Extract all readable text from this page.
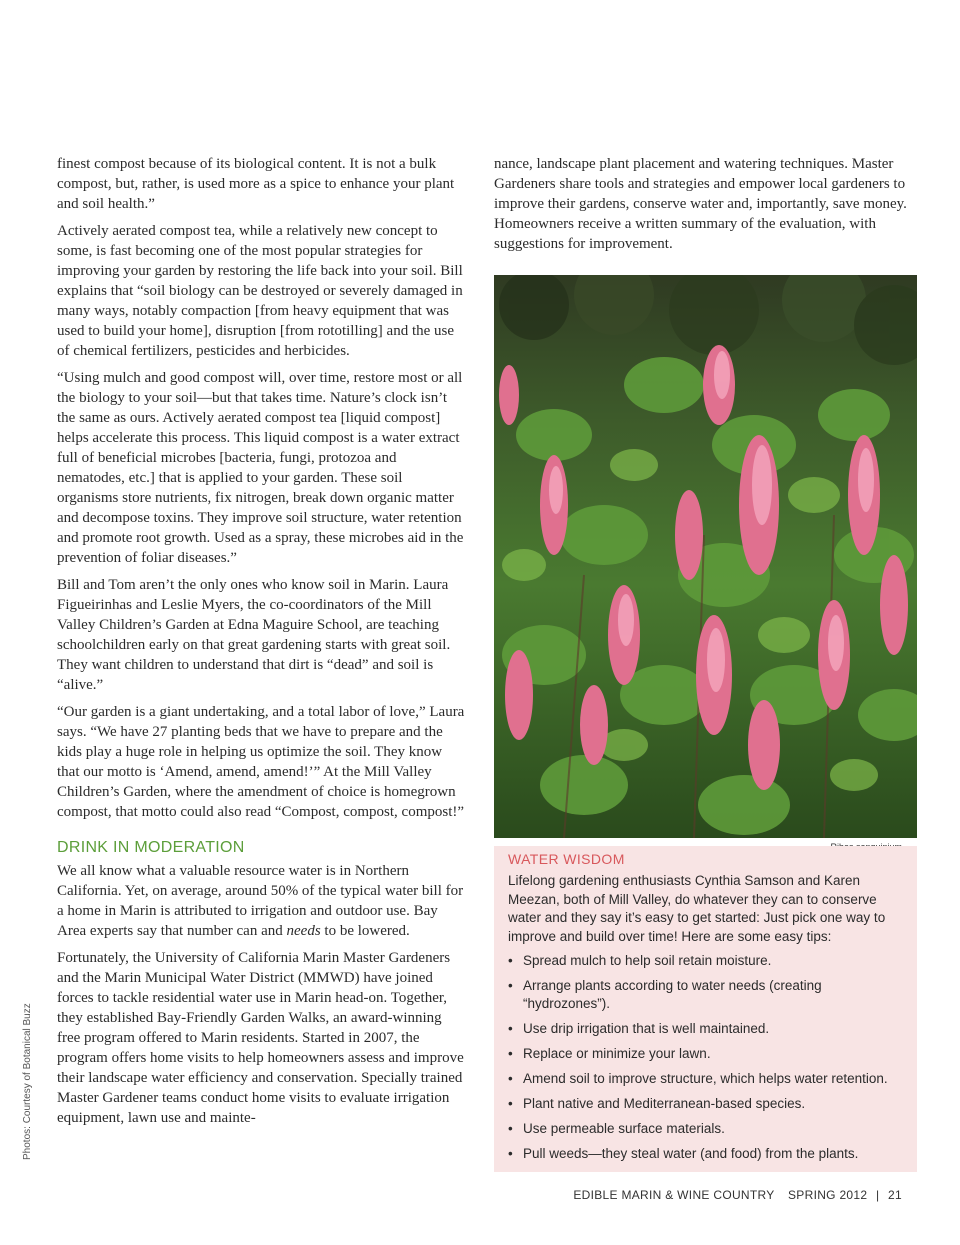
finest compost because of its biological content. It is not a bulk compost, but, rather, is used more as a spice to enhance your plant and soil health.”

Actively aerated compost tea, while a relatively new concept to some, is fast becoming one of the most popular strategies for improving your garden by restoring the life back into your soil. Bill explains that “soil biology can be destroyed or severely damaged in many ways, notably compaction [from heavy equipment that was used to build your home], disruption [from rototilling] and the use of chemical fertilizers, pesticides and herbicides.

“Using mulch and good compost will, over time, restore most or all the biology to your soil—but that takes time. Nature’s clock isn’t the same as ours. Actively aerated compost tea [liquid compost] helps accelerate this process. This liquid compost is a water extract full of beneficial microbes [bacteria, fungi, protozoa and nematodes, etc.] that is applied to your garden. These soil organisms store nutrients, fix nitrogen, break down organic matter and decompose toxins. They improve soil structure, water retention and promote root growth. Used as a spray, these microbes aid in the prevention of foliar diseases.”

Bill and Tom aren’t the only ones who know soil in Marin. Laura Figueirinhas and Leslie Myers, the co-coordinators of the Mill Valley Children’s Garden at Edna Maguire School, are teaching schoolchildren early on that great gardening starts with great soil. They want children to understand that dirt is “dead” and soil is “alive.”

“Our garden is a giant undertaking, and a total labor of love,” Laura says. “We have 27 planting beds that we have to prepare and the kids play a huge role in helping us optimize the soil. They know that our motto is ‘Amend, amend, amend!’” At the Mill Valley Children’s Garden, where the amendment of choice is homegrown compost, that motto could also read “Compost, compost, compost!”

DRINK IN MODERATION

We all know what a valuable resource water is in Northern California. Yet, on average, around 50% of the typical water bill for a home in Marin is attributed to irrigation and outdoor use. Bay Area experts say that number can and needs to be lowered.

Fortunately, the University of California Marin Master Gardeners and the Marin Municipal Water District (MMWD) have joined forces to tackle residential water use in Marin head-on. Together, they established Bay-Friendly Garden Walks, an award-winning free program offered to Marin residents. Started in 2007, the program offers home visits to help homeowners assess and improve their landscape water efficiency and conservation. Specially trained Master Gardener teams conduct home visits to evaluate irrigation equipment, lawn use and mainte-

Photos: Courtesy of Botanical Buzz

nance, landscape plant placement and watering techniques. Master Gardeners share tools and strategies and empower local gardeners to improve their gardens, conserve water and, importantly, save money. Homeowners receive a written summary of the evaluation, with suggestions for improvement.

WATER WISDOM

Lifelong gardening enthusiasts Cynthia Samson and Karen Meezan, both of Mill Valley, do whatever they can to conserve water and they say it’s easy to get started: Just pick one way to improve and build over time! Here are some easy tips:

• Spread mulch to help soil retain moisture.
• Arrange plants according to water needs (creating “hydrozones”).
• Use drip irrigation that is well maintained.
• Replace or minimize your lawn.
• Amend soil to improve structure, which helps water retention.
• Plant native and Mediterranean-based species.
• Use permeable surface materials.
• Pull weeds—they steal water (and food) from the plants.
EDIBLE MARIN & WINE COUNTRY SPRING 2012 | 21
